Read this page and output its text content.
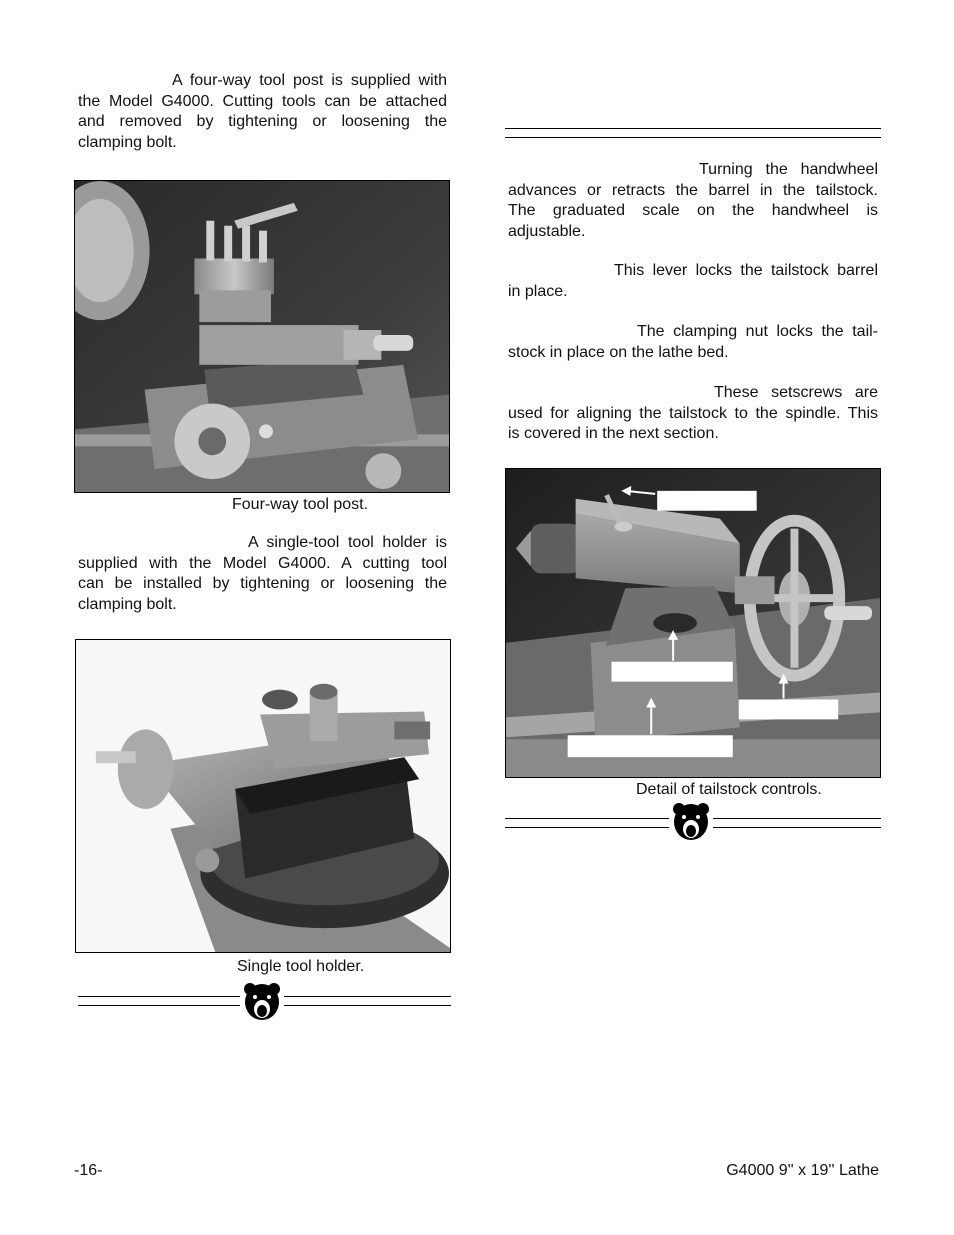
A four-way tool post is supplied with
the Model G4000. Cutting tools can be attached
and removed by tightening or loosening the
clamping bolt.
Four-way tool post.
A single-tool tool holder is
supplied with the Model G4000. A cutting tool
can be installed by tightening or loosening the
clamping bolt.
Single tool holder.
Turning the handwheel
advances or retracts the barrel in the tailstock.
The graduated scale on the handwheel is
adjustable.
This lever locks the tailstock barrel
in place.
The clamping nut locks the tail-
stock in place on the lathe bed.
These setscrews are
used for aligning the tailstock to the spindle. This
is covered in the next section.
Detail of tailstock controls.
-16-	G4000 9'' x 19'' Lathe
